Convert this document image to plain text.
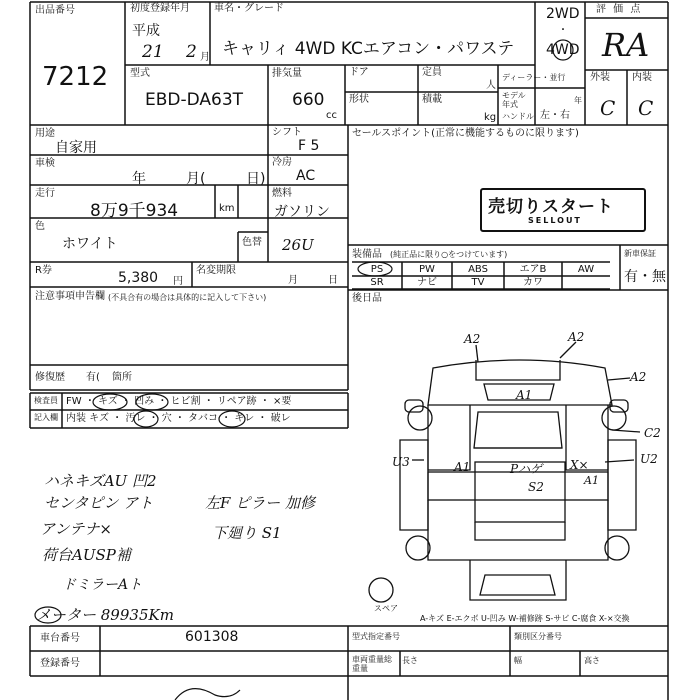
出品番号
7212
初度登録年月
平成
21 2 月
車名・グレード
キャリィ 4WD KCエアコン・パワステ
2WD
・
4WD
評 価 点
RA
外装 内装
C C
型式
EBD-DA63T
排気量
660
cc
ドア	定員
人
ディーラー・並行
モデル年式	年
形状	積載
kg ハンドル 左・右
用途
自家用
シフト
F 5
セールスポイント(正常に機能するものに限ります)
車検
年	月(	日)
冷房
AC
走行
8万9千934	km
燃料
ガソリン	売切りスタート
SELLOUT
色
ホワイト	色替 26U
装備品 (純正品に限り○をつけています)	新車保証
有・無
PS	PW	ABS	エアB	AW
SR	ナビ	TV	カワ
R券	5,380 円
名変期限
月	日
注意事項申告欄 (不具合有の場合は具体的に記入して下さい)	後日品
修復歴 有( 箇所
検査員
記入欄
FW ・ キズ ・ 凹み ・ ヒビ割 ・ リペア跡 ・ ×要
内装 キズ ・ 汚レ ・ 穴 ・ タバコ ・ キレ ・ 破レ
ハネキズAU 凹2
センタピン アト
アンテナ×
荷台AUSP補
ドミラーAト
メーター 89935Km
左F ピラー 加修
下廻り S1
A2	A2
A2
A1
U3	A1	Pハゲ
S2
X×
A1
C2
U2
スペア
A-キズ E-エクボ U-凹み W-補修跡 S-サビ C-腐食 X-×交換
車台番号	601308
登録番号
型式指定番号	類別区分番号
車両重量総重量
長さ	幅	高さ
